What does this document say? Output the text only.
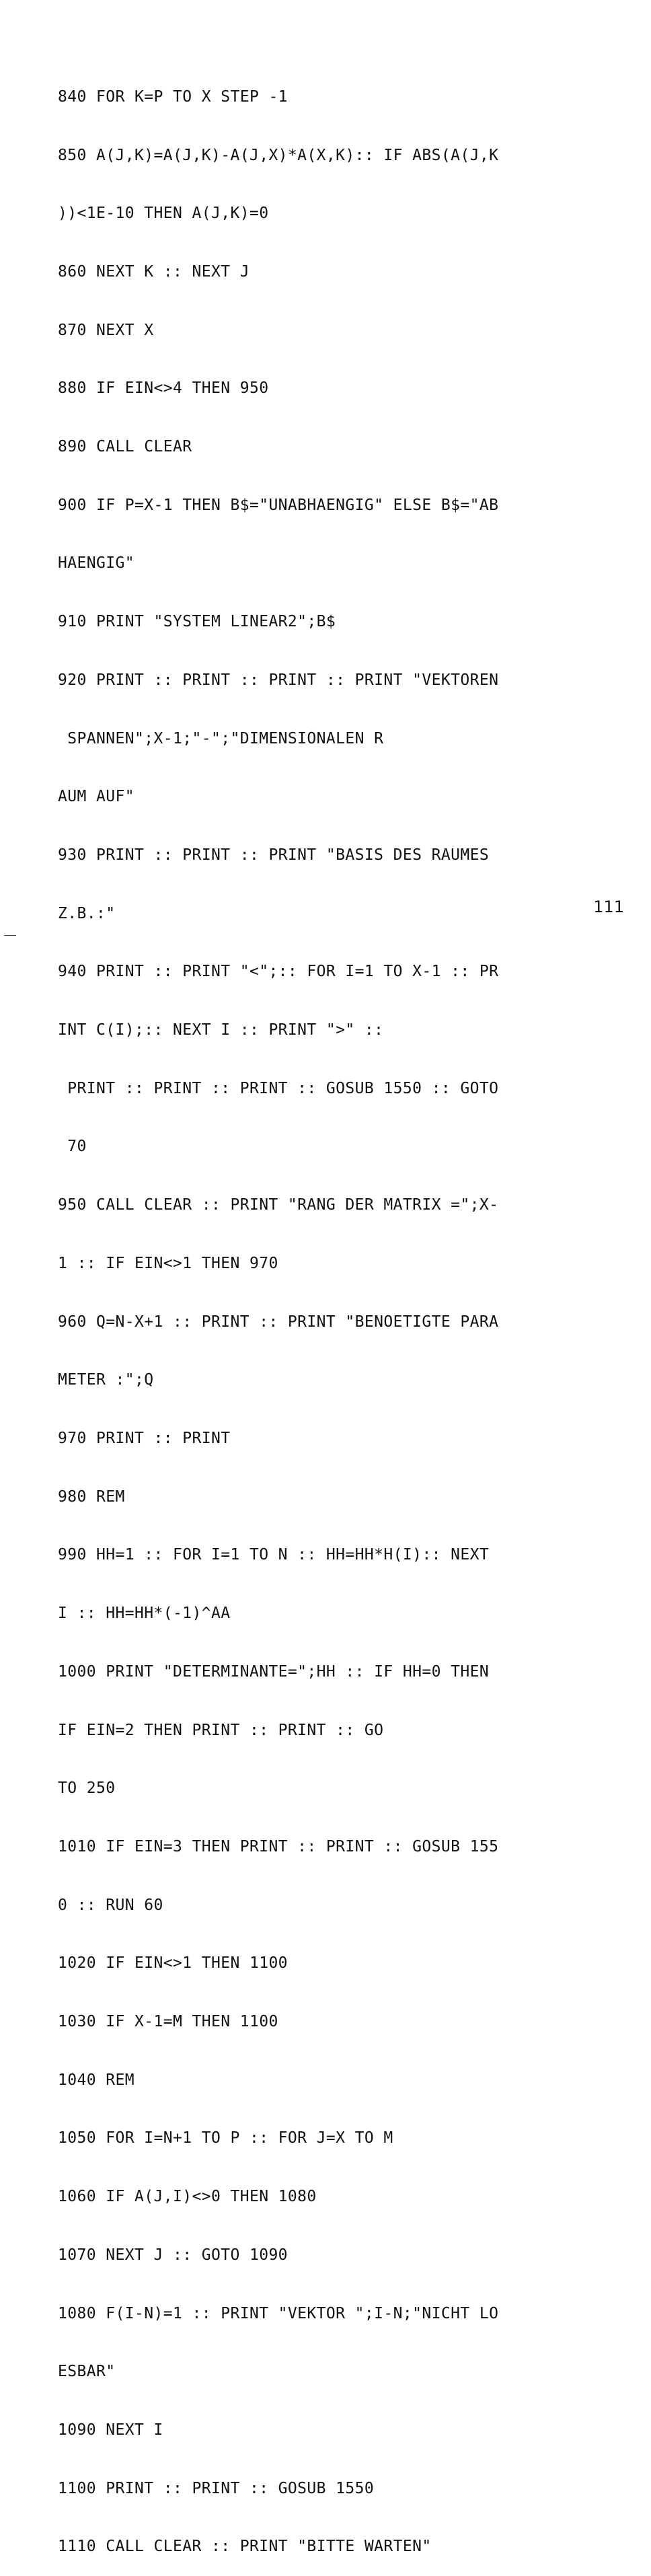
840 FOR K=P TO X STEP -1

850 A(J,K)=A(J,K)-A(J,X)*A(X,K):: IF ABS(A(J,K

))<1E-10 THEN A(J,K)=0

860 NEXT K :: NEXT J

870 NEXT X

880 IF EIN<>4 THEN 950

890 CALL CLEAR

900 IF P=X-1 THEN B$="UNABHAENGIG" ELSE B$="AB

HAENGIG"

910 PRINT "SYSTEM LINEAR2";B$

920 PRINT :: PRINT :: PRINT :: PRINT "VEKTOREN

SPANNEN";X-1;"-";"DIMENSIONALEN R

AUM AUF"

930 PRINT :: PRINT :: PRINT "BASIS DES RAUMES

Z.B.:"

940 PRINT :: PRINT "<";:: FOR I=1 TO X-1 :: PR

INT C(I);:: NEXT I :: PRINT ">" ::

PRINT :: PRINT :: PRINT :: GOSUB 1550 :: GOTO

70

950 CALL CLEAR :: PRINT "RANG DER MATRIX =";X-

1 :: IF EIN<>1 THEN 970

960 Q=N-X+1 :: PRINT :: PRINT "BENOETIGTE PARA

METER :";Q

970 PRINT :: PRINT

980 REM

990 HH=1 :: FOR I=1 TO N :: HH=HH*H(I):: NEXT

I :: HH=HH*(-1)^AA

1000 PRINT "DETERMINANTE=";HH :: IF HH=0 THEN

IF EIN=2 THEN PRINT :: PRINT :: GO

TO 250

1010 IF EIN=3 THEN PRINT :: PRINT :: GOSUB 155

0 :: RUN 60

1020 IF EIN<>1 THEN 1100

1030 IF X-1=M THEN 1100

1040 REM

1050 FOR I=N+1 TO P :: FOR J=X TO M

1060 IF A(J,I)<>0 THEN 1080

1070 NEXT J :: GOTO 1090

1080 F(I-N)=1 :: PRINT "VEKTOR ";I-N;"NICHT LO

ESBAR"

1090 NEXT I

1100 PRINT :: PRINT :: GOSUB 1550

1110 CALL CLEAR :: PRINT "BITTE WARTEN"

111
